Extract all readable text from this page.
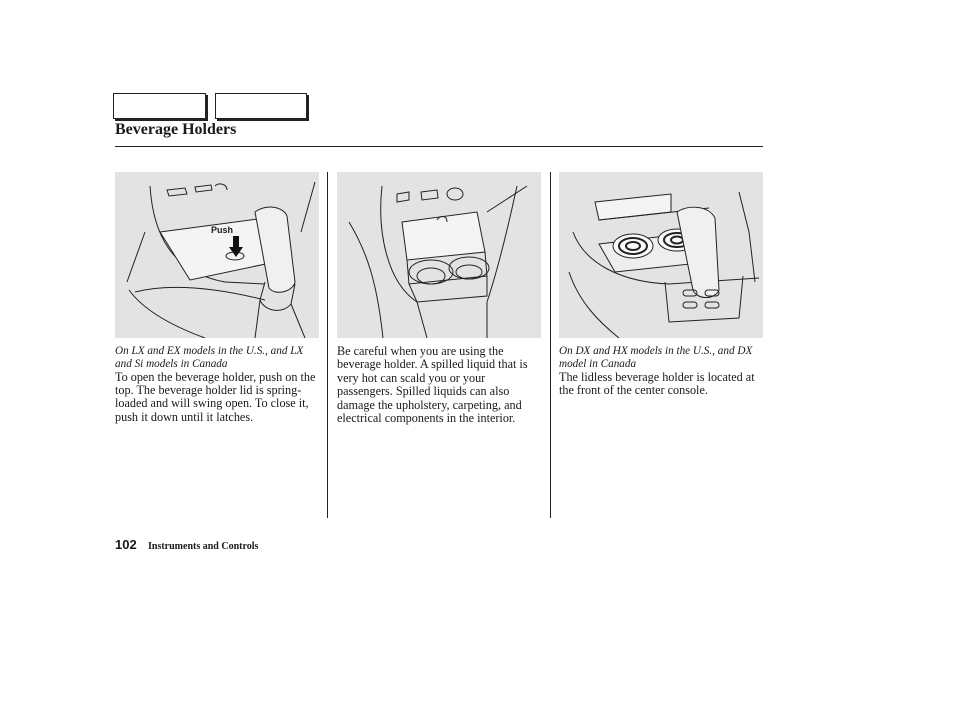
Beverage Holders
Push

On LX and EX models in the U.S., and LX and Si models in Canada

To open the beverage holder, push on the top. The beverage holder lid is spring-loaded and will swing open. To close it, push it down until it latches.

Be careful when you are using the beverage holder. A spilled liquid that is very hot can scald you or your passengers. Spilled liquids can also damage the upholstery, carpeting, and electrical components in the interior.

On DX and HX models in the U.S., and DX model in Canada

The lidless beverage holder is located at the front of the center console.

102 Instruments and Controls
